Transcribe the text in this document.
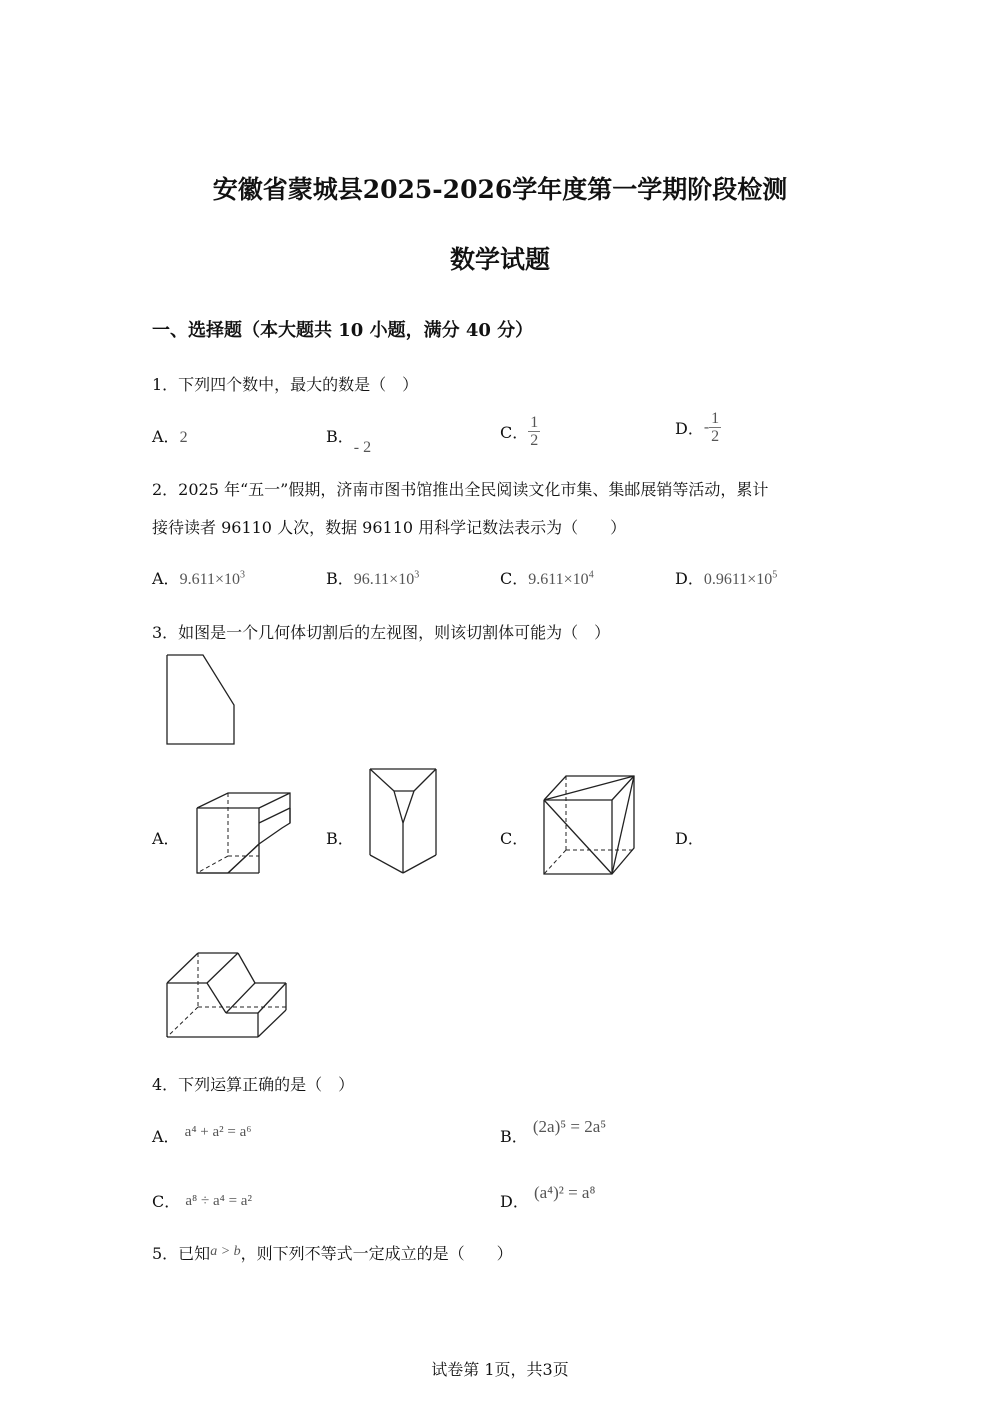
安徽省蒙城县2025-2026学年度第一学期阶段检测
数学试题
一、选择题（本大题共 10 小题，满分 40 分）
1．下列四个数中，最大的数是（　）
A．2	B．- 2
C． $\frac{1}{2}$	D．- $\frac{1}{2}$
2．2025 年“五一”假期，济南市图书馆推出全民阅读文化市集、集邮展销等活动，累计
接待读者 96110 人次，数据 96110 用科学记数法表示为（　　）
A．$9.611\times 10^3$	B．$96.11\times 10^3$	C．$9.611\times 10^4$	D．$0.9611\times 10^5$
3．如图是一个几何体切割后的左视图，则该切割体可能为（　）
A．	B．	C．	D．
4．下列运算正确的是（　）
A． a⁴ + a² = a⁶	B． (2a)⁵ = 2a⁵
C． a⁸ ÷ a⁴ = a²	D． (a⁴)² = a⁸
5．已知a > b，则下列不等式一定成立的是（　　）
试卷第 1页，共3页
